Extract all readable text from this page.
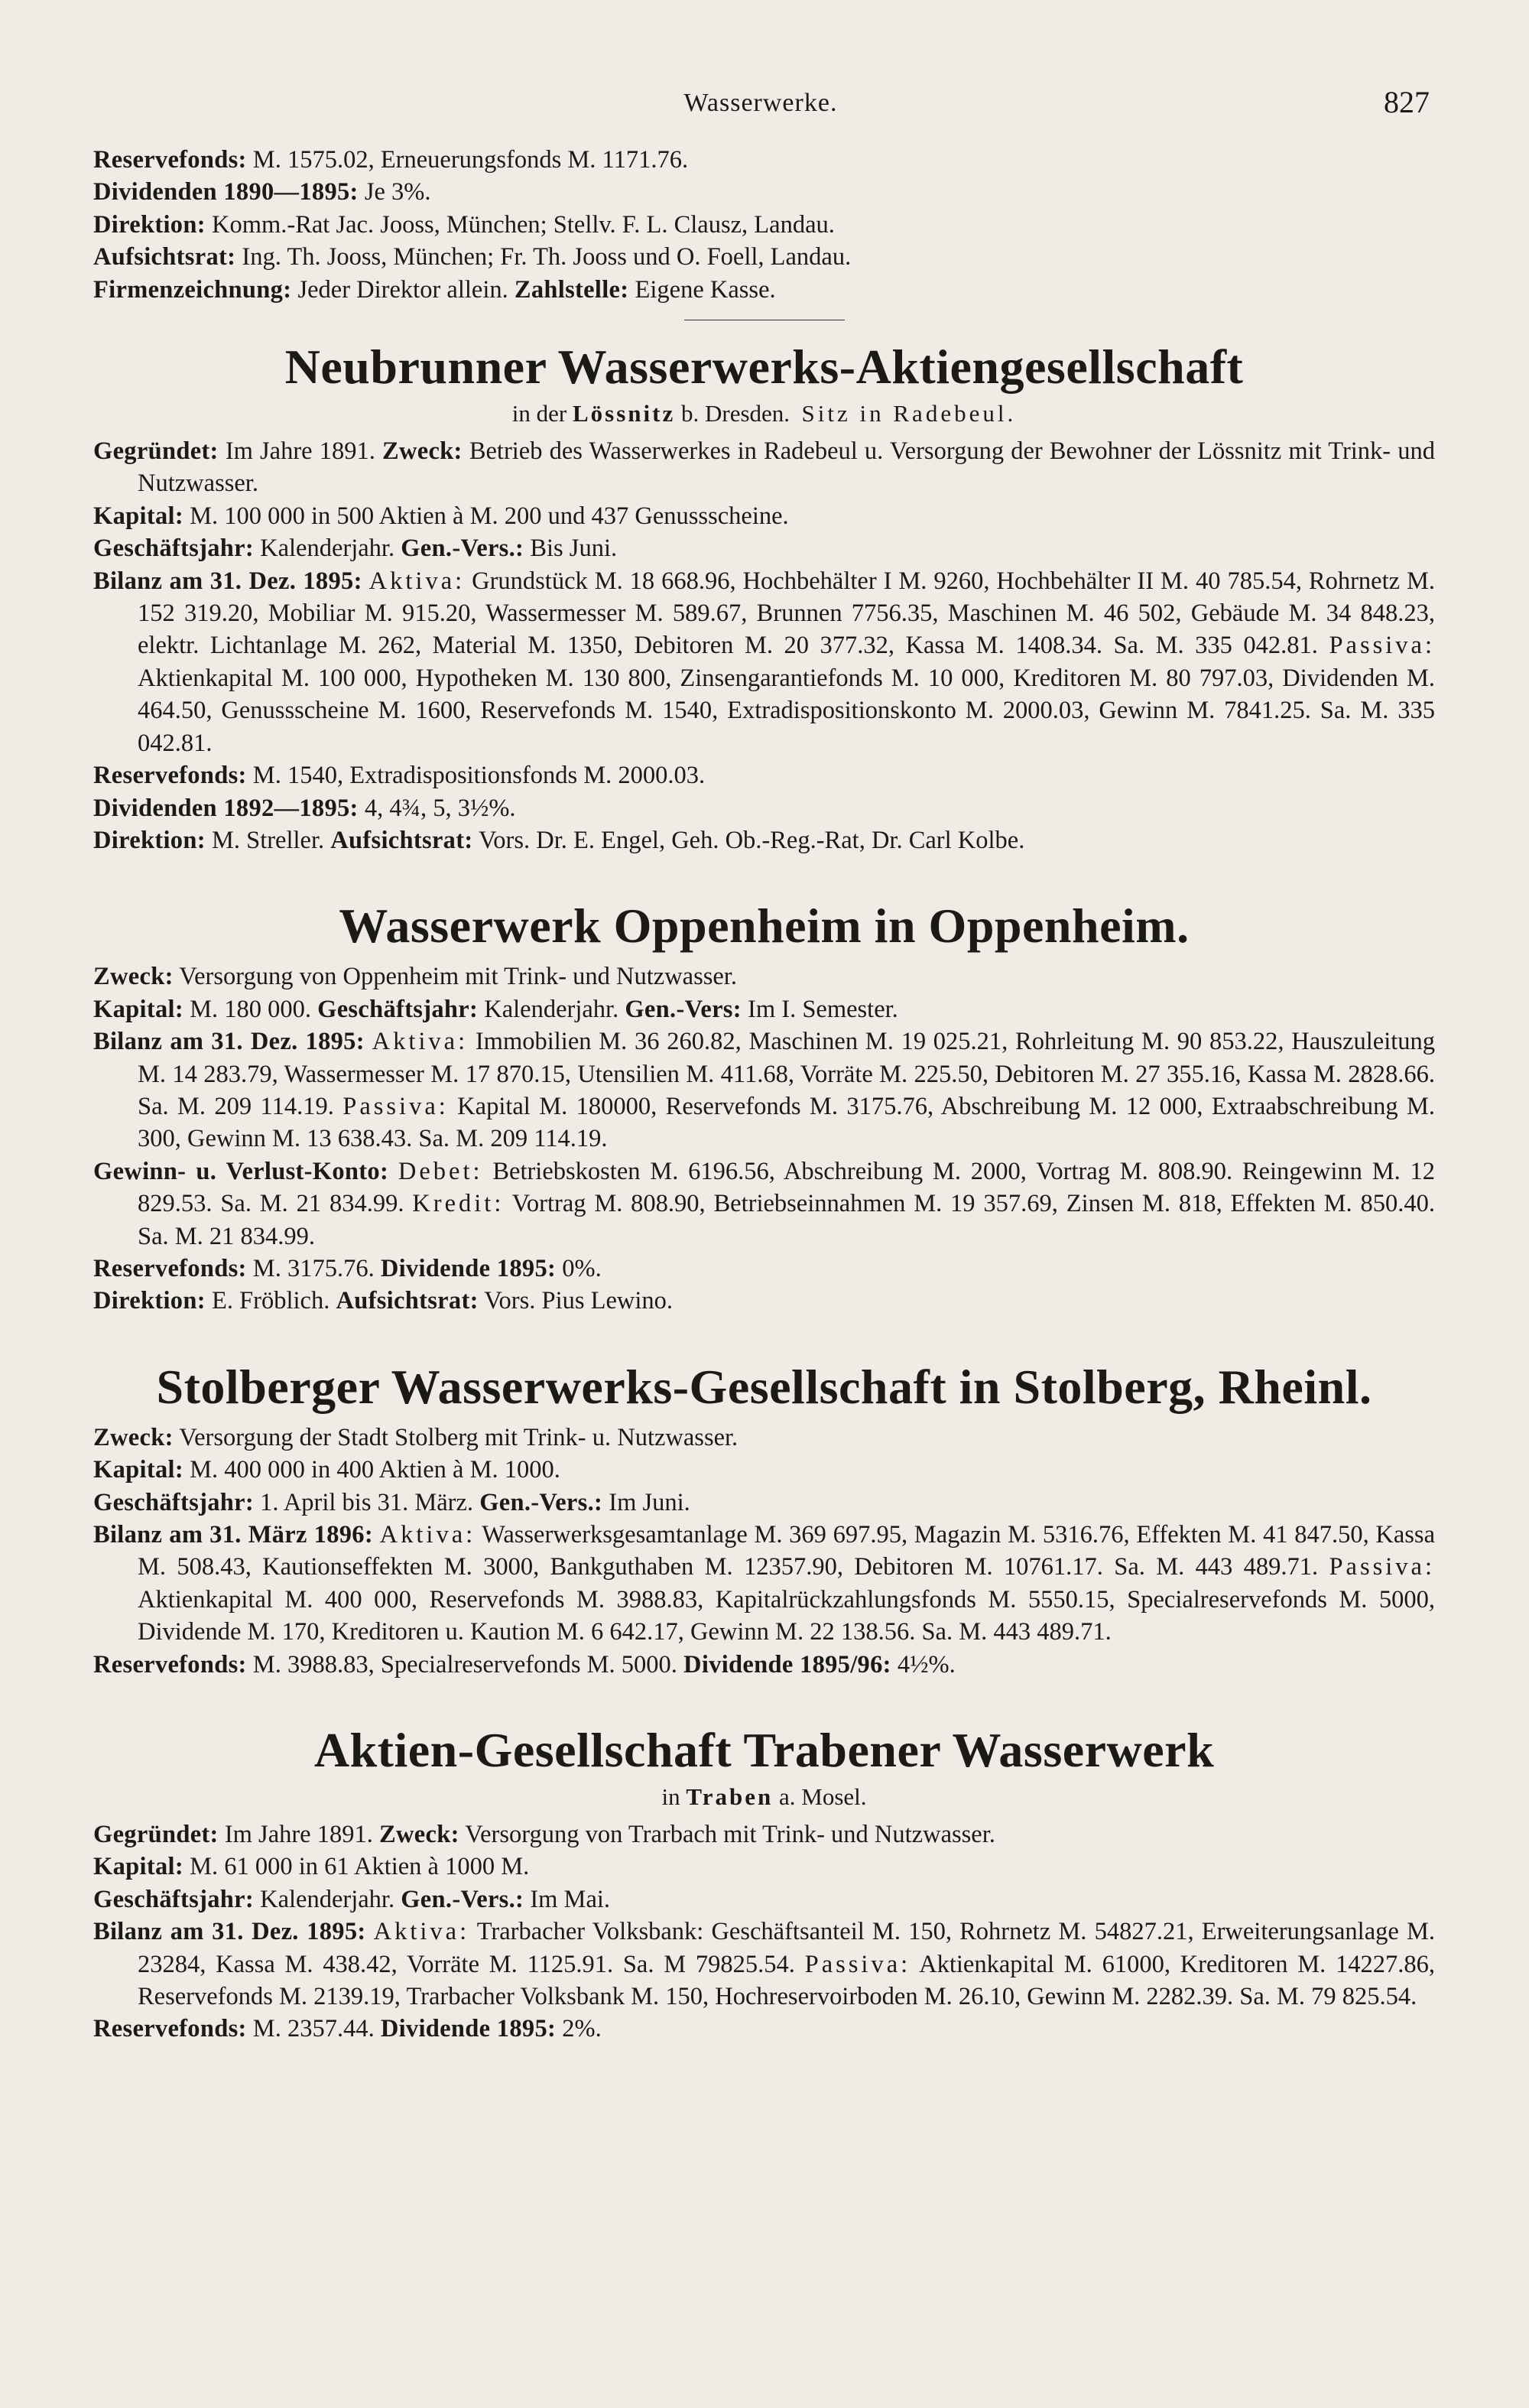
Wasserwerke.	827

Reservefonds: M. 1575.02, Erneuerungsfonds M. 1171.76.

Dividenden 1890—1895: Je 3%.

Direktion: Komm.-Rat Jac. Jooss, München; Stellv. F. L. Clausz, Landau.

Aufsichtsrat: Ing. Th. Jooss, München; Fr. Th. Jooss und O. Foell, Landau.

Firmenzeichnung: Jeder Direktor allein. Zahlstelle: Eigene Kasse.

Neubrunner Wasserwerks-Aktiengesellschaft

in der Lössnitz b. Dresden. Sitz in Radebeul.

Gegründet: Im Jahre 1891. Zweck: Betrieb des Wasserwerkes in Radebeul u. Versorgung der Bewohner der Lössnitz mit Trink- und Nutzwasser.

Kapital: M. 100 000 in 500 Aktien à M. 200 und 437 Genussscheine.

Geschäftsjahr: Kalenderjahr. Gen.-Vers.: Bis Juni.

Bilanz am 31. Dez. 1895: Aktiva: Grundstück M. 18 668.96, Hochbehälter I M. 9260, Hochbehälter II M. 40 785.54, Rohrnetz M. 152 319.20, Mobiliar M. 915.20, Wassermesser M. 589.67, Brunnen 7756.35, Maschinen M. 46 502, Gebäude M. 34 848.23, elektr. Lichtanlage M. 262, Material M. 1350, Debitoren M. 20 377.32, Kassa M. 1408.34. Sa. M. 335 042.81. Passiva: Aktienkapital M. 100 000, Hypotheken M. 130 800, Zinsengarantiefonds M. 10 000, Kreditoren M. 80 797.03, Dividenden M. 464.50, Genussscheine M. 1600, Reservefonds M. 1540, Extradispositionskonto M. 2000.03, Gewinn M. 7841.25. Sa. M. 335 042.81.

Reservefonds: M. 1540, Extradispositionsfonds M. 2000.03.

Dividenden 1892—1895: 4, 4¾, 5, 3½%.

Direktion: M. Streller. Aufsichtsrat: Vors. Dr. E. Engel, Geh. Ob.-Reg.-Rat, Dr. Carl Kolbe.

Wasserwerk Oppenheim in Oppenheim.

Zweck: Versorgung von Oppenheim mit Trink- und Nutzwasser.

Kapital: M. 180 000. Geschäftsjahr: Kalenderjahr. Gen.-Vers: Im I. Semester.

Bilanz am 31. Dez. 1895: Aktiva: Immobilien M. 36 260.82, Maschinen M. 19 025.21, Rohrleitung M. 90 853.22, Hauszuleitung M. 14 283.79, Wassermesser M. 17 870.15, Utensilien M. 411.68, Vorräte M. 225.50, Debitoren M. 27 355.16, Kassa M. 2828.66. Sa. M. 209 114.19. Passiva: Kapital M. 180000, Reservefonds M. 3175.76, Abschreibung M. 12 000, Extraabschreibung M. 300, Gewinn M. 13 638.43. Sa. M. 209 114.19.

Gewinn- u. Verlust-Konto: Debet: Betriebskosten M. 6196.56, Abschreibung M. 2000, Vortrag M. 808.90. Reingewinn M. 12 829.53. Sa. M. 21 834.99. Kredit: Vortrag M. 808.90, Betriebseinnahmen M. 19 357.69, Zinsen M. 818, Effekten M. 850.40. Sa. M. 21 834.99.

Reservefonds: M. 3175.76. Dividende 1895: 0%.

Direktion: E. Fröblich. Aufsichtsrat: Vors. Pius Lewino.

Stolberger Wasserwerks-Gesellschaft in Stolberg, Rheinl.

Zweck: Versorgung der Stadt Stolberg mit Trink- u. Nutzwasser.

Kapital: M. 400 000 in 400 Aktien à M. 1000.

Geschäftsjahr: 1. April bis 31. März. Gen.-Vers.: Im Juni.

Bilanz am 31. März 1896: Aktiva: Wasserwerksgesamtanlage M. 369 697.95, Magazin M. 5316.76, Effekten M. 41 847.50, Kassa M. 508.43, Kautionseffekten M. 3000, Bankguthaben M. 12357.90, Debitoren M. 10761.17. Sa. M. 443 489.71. Passiva: Aktienkapital M. 400 000, Reservefonds M. 3988.83, Kapitalrückzahlungsfonds M. 5550.15, Specialreservefonds M. 5000, Dividende M. 170, Kreditoren u. Kaution M. 6 642.17, Gewinn M. 22 138.56. Sa. M. 443 489.71.

Reservefonds: M. 3988.83, Specialreservefonds M. 5000. Dividende 1895/96: 4½%.

Aktien-Gesellschaft Trabener Wasserwerk

in Traben a. Mosel.

Gegründet: Im Jahre 1891. Zweck: Versorgung von Trarbach mit Trink- und Nutzwasser.

Kapital: M. 61 000 in 61 Aktien à 1000 M.

Geschäftsjahr: Kalenderjahr. Gen.-Vers.: Im Mai.

Bilanz am 31. Dez. 1895: Aktiva: Trarbacher Volksbank: Geschäftsanteil M. 150, Rohrnetz M. 54827.21, Erweiterungsanlage M. 23284, Kassa M. 438.42, Vorräte M. 1125.91. Sa. M 79825.54. Passiva: Aktienkapital M. 61000, Kreditoren M. 14227.86, Reservefonds M. 2139.19, Trarbacher Volksbank M. 150, Hochreservoirboden M. 26.10, Gewinn M. 2282.39. Sa. M. 79 825.54.

Reservefonds: M. 2357.44. Dividende 1895: 2%.
